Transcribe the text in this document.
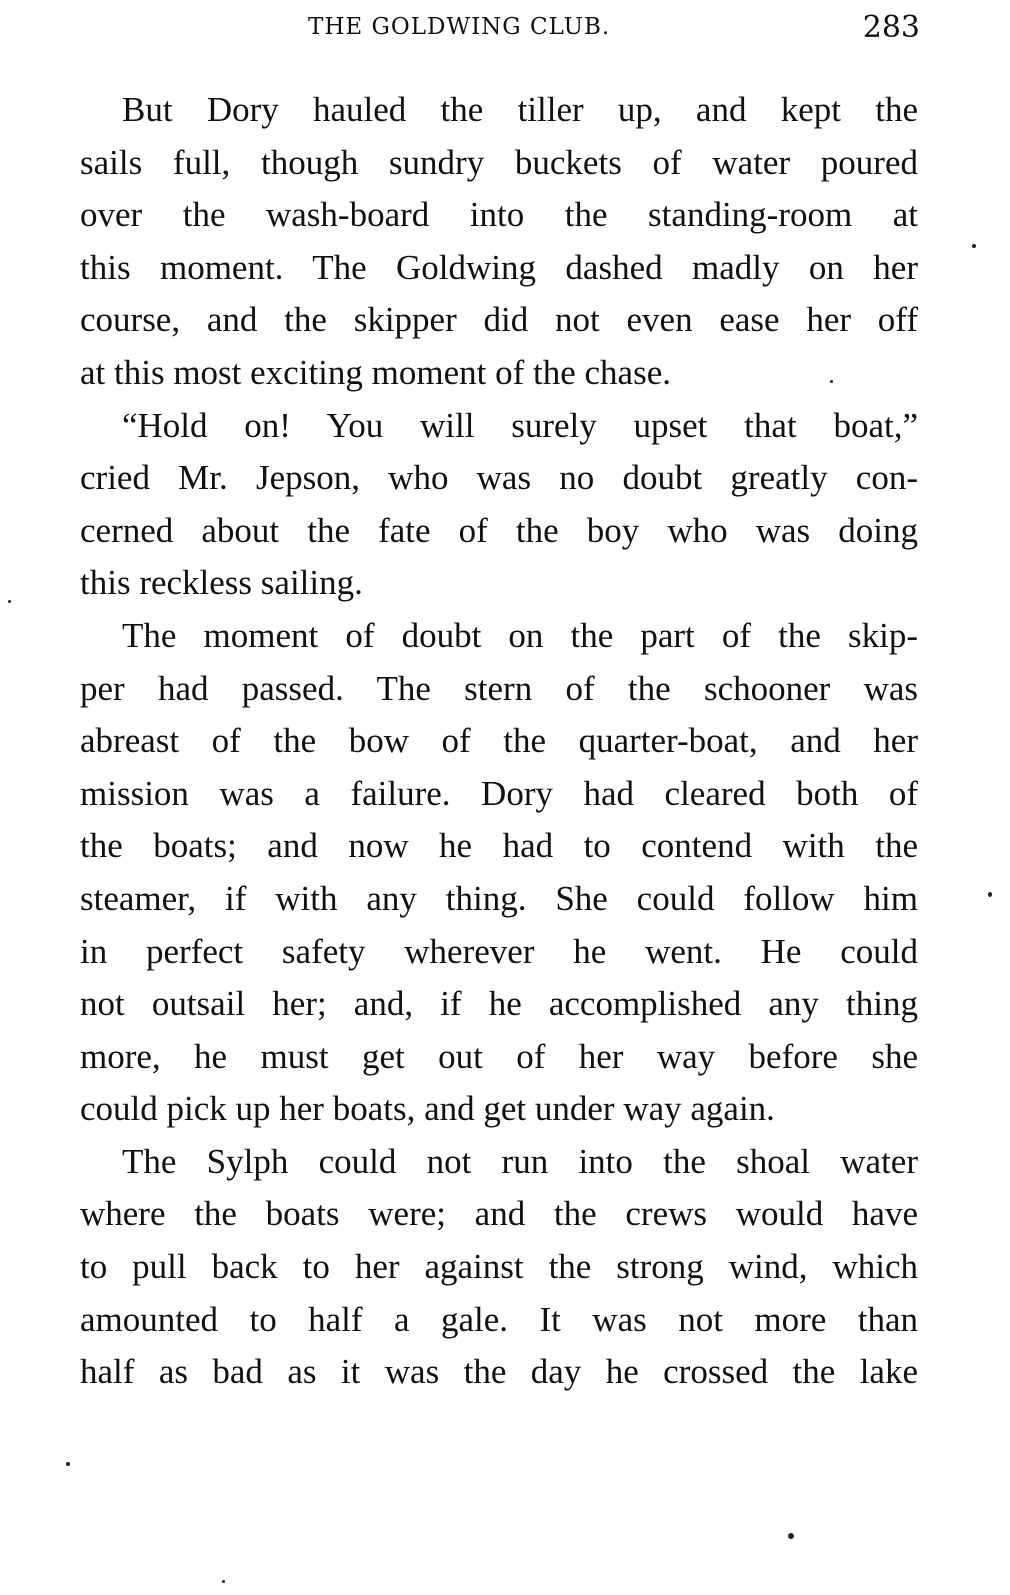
THE GOLDWING CLUB.	283
But Dory hauled the tiller up, and kept the
sails full, though sundry buckets of water poured
over the wash-board into the standing-room at
this moment. The Goldwing dashed madly on her
course, and the skipper did not even ease her off
at this most exciting moment of the chase.
“Hold on! You will surely upset that boat,”
cried Mr. Jepson, who was no doubt greatly con-
cerned about the fate of the boy who was doing
this reckless sailing.
The moment of doubt on the part of the skip-
per had passed. The stern of the schooner was
abreast of the bow of the quarter-boat, and her
mission was a failure. Dory had cleared both of
the boats; and now he had to contend with the
steamer, if with any thing. She could follow him
in perfect safety wherever he went. He could
not outsail her; and, if he accomplished any thing
more, he must get out of her way before she
could pick up her boats, and get under way again.
The Sylph could not run into the shoal water
where the boats were; and the crews would have
to pull back to her against the strong wind, which
amounted to half a gale. It was not more than
half as bad as it was the day he crossed the lake
